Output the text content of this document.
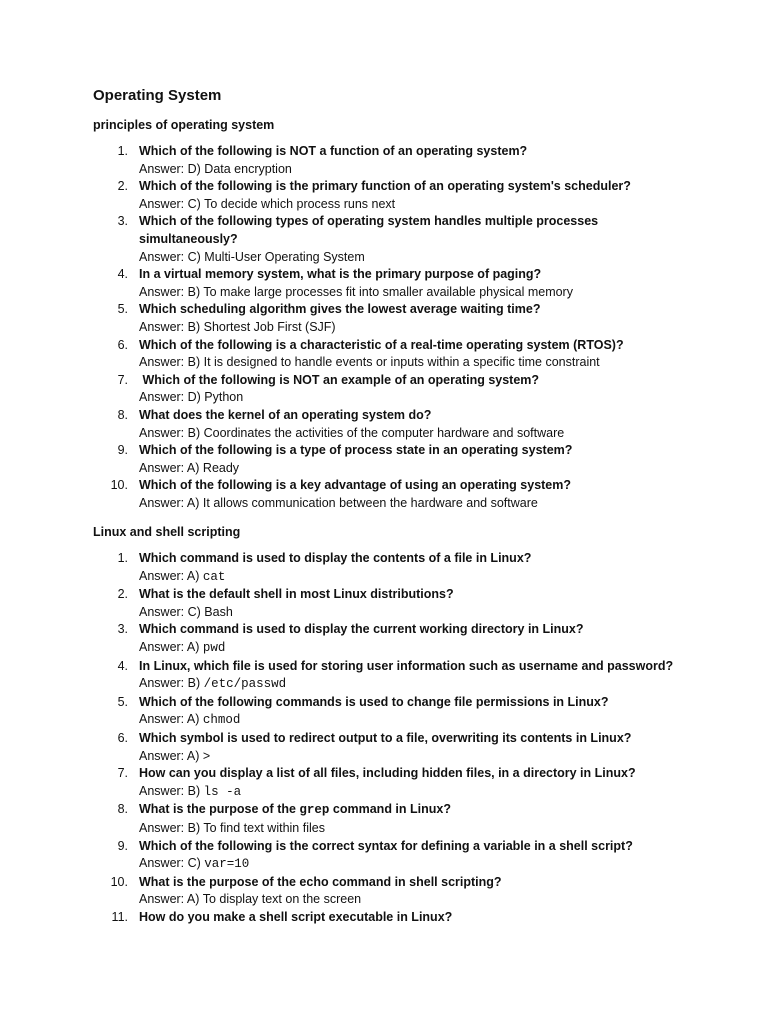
Operating System
principles of operating system
1. Which of the following is NOT a function of an operating system?
Answer: D) Data encryption
2. Which of the following is the primary function of an operating system's scheduler?
Answer: C) To decide which process runs next
3. Which of the following types of operating system handles multiple processes simultaneously?
Answer: C) Multi-User Operating System
4. In a virtual memory system, what is the primary purpose of paging?
Answer: B) To make large processes fit into smaller available physical memory
5. Which scheduling algorithm gives the lowest average waiting time?
Answer: B) Shortest Job First (SJF)
6. Which of the following is a characteristic of a real-time operating system (RTOS)?
Answer: B) It is designed to handle events or inputs within a specific time constraint
7. Which of the following is NOT an example of an operating system?
Answer: D) Python
8. What does the kernel of an operating system do?
Answer: B) Coordinates the activities of the computer hardware and software
9. Which of the following is a type of process state in an operating system?
Answer: A) Ready
10. Which of the following is a key advantage of using an operating system?
Answer: A) It allows communication between the hardware and software
Linux and shell scripting
1. Which command is used to display the contents of a file in Linux?
Answer: A) cat
2. What is the default shell in most Linux distributions?
Answer: C) Bash
3. Which command is used to display the current working directory in Linux?
Answer: A) pwd
4. In Linux, which file is used for storing user information such as username and password?
Answer: B) /etc/passwd
5. Which of the following commands is used to change file permissions in Linux?
Answer: A) chmod
6. Which symbol is used to redirect output to a file, overwriting its contents in Linux?
Answer: A) >
7. How can you display a list of all files, including hidden files, in a directory in Linux?
Answer: B) ls -a
8. What is the purpose of the grep command in Linux?
Answer: B) To find text within files
9. Which of the following is the correct syntax for defining a variable in a shell script?
Answer: C) var=10
10. What is the purpose of the echo command in shell scripting?
Answer: A) To display text on the screen
11. How do you make a shell script executable in Linux?
